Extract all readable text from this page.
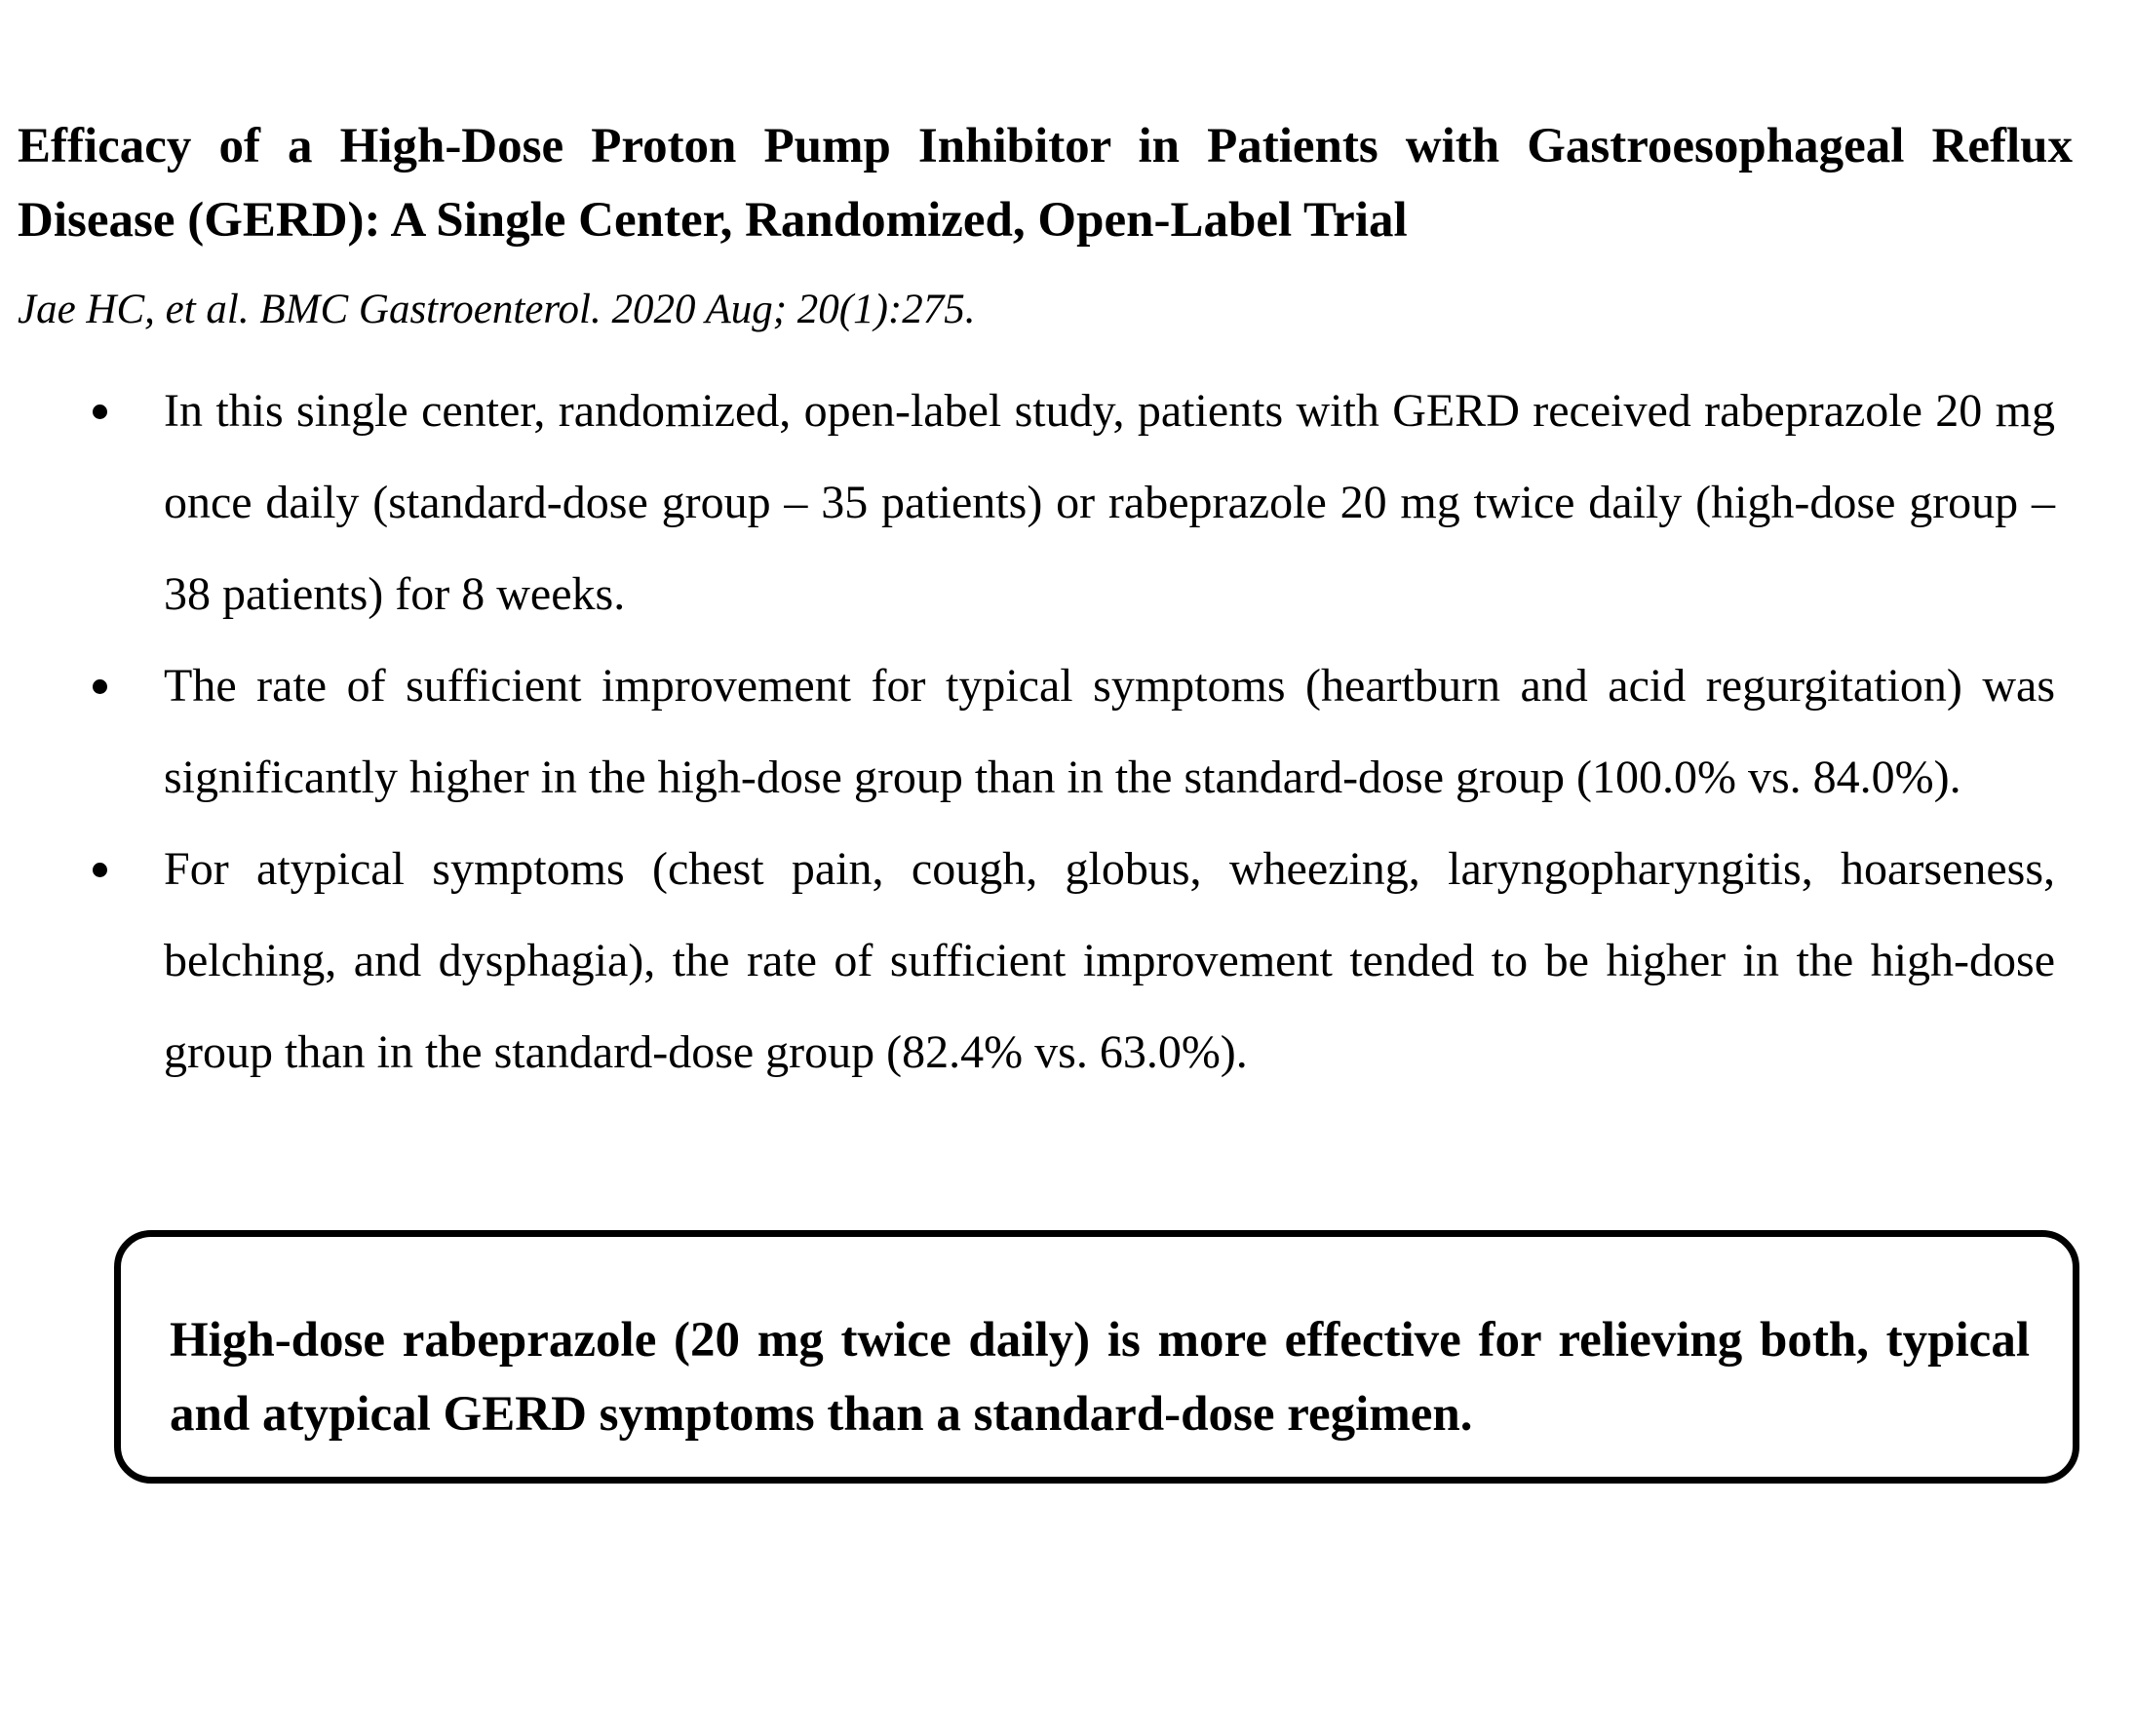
Efficacy of a High-Dose Proton Pump Inhibitor in Patients with Gastroesophageal Reflux Disease (GERD): A Single Center, Randomized, Open-Label Trial

Jae HC, et al. BMC Gastroenterol. 2020 Aug; 20(1):275.

In this single center, randomized, open-label study, patients with GERD received rabeprazole 20 mg once daily (standard-dose group – 35 patients) or rabeprazole 20 mg twice daily (high-dose group – 38 patients) for 8 weeks.
The rate of sufficient improvement for typical symptoms (heartburn and acid regurgitation) was significantly higher in the high-dose group than in the standard-dose group (100.0% vs. 84.0%).
For atypical symptoms (chest pain, cough, globus, wheezing, laryngopharyngitis, hoarseness, belching, and dysphagia), the rate of sufficient improvement tended to be higher in the high-dose group than in the standard-dose group (82.4% vs. 63.0%).

High-dose rabeprazole (20 mg twice daily) is more effective for relieving both, typical and atypical GERD symptoms than a standard-dose regimen.
